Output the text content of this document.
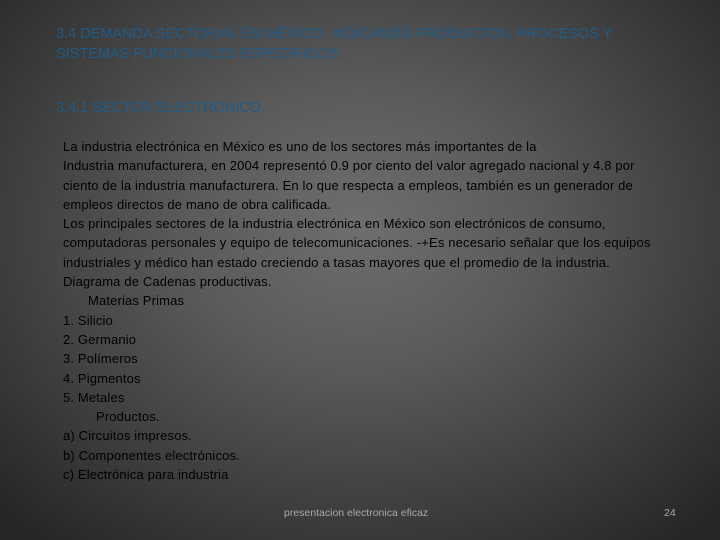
3.4 DEMANDA SECTORIAL EN MÉXICO, INDICANDO PRODUCTOS, PROCESOS Y SISTEMAS FUNCIONALES ESPECÍFICOS
3.4.1 SECTOR ELECTRÓNICO

La industria electrónica en México es uno de los sectores más importantes de la

Industria manufacturera, en 2004 representó 0.9 por ciento del valor agregado nacional y 4.8 por

ciento de la industria manufacturera. En lo que respecta a empleos, también es un generador de

empleos directos de mano de obra calificada.

Los principales sectores de la industria electrónica en México son electrónicos de consumo,

computadoras personales y equipo de telecomunicaciones. -+Es necesario señalar que los equipos

industriales y médico han estado creciendo a tasas mayores que el promedio de la industria.

Diagrama de Cadenas productivas.

Materias Primas

1. Silicio

2. Germanio

3. Polímeros

4. Pigmentos

5. Metales

Productos.

a) Circuitos impresos.

b) Componentes electrónicos.

c) Electrónica para industria

presentacion electronica eficaz	24
